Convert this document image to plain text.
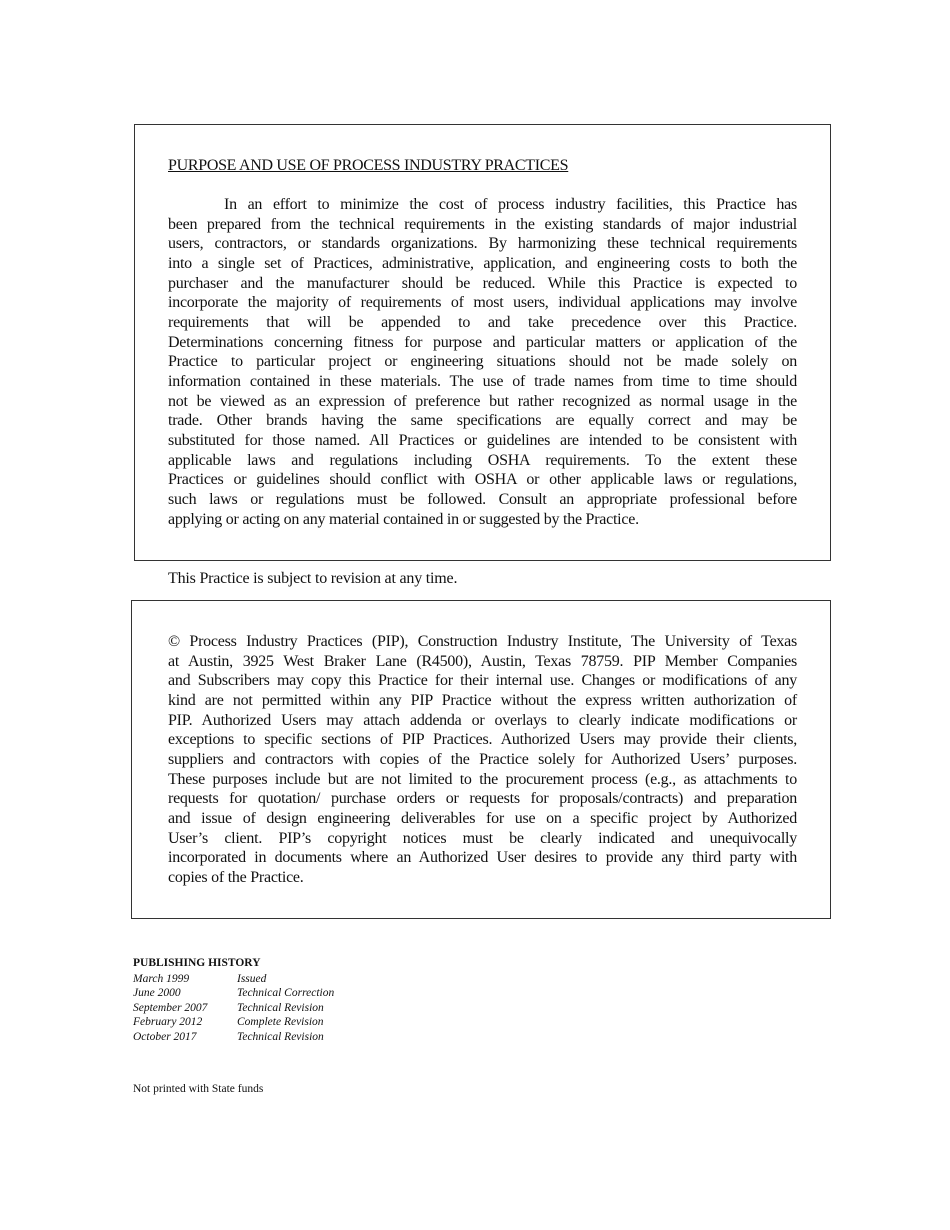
PURPOSE AND USE OF PROCESS INDUSTRY PRACTICES
In an effort to minimize the cost of process industry facilities, this Practice has
been prepared from the technical requirements in the existing standards of major industrial
users, contractors, or standards organizations. By harmonizing these technical requirements
into a single set of Practices, administrative, application, and engineering costs to both the
purchaser and the manufacturer should be reduced. While this Practice is expected to
incorporate the majority of requirements of most users, individual applications may involve
requirements that will be appended to and take precedence over this Practice.
Determinations concerning fitness for purpose and particular matters or application of the
Practice to particular project or engineering situations should not be made solely on
information contained in these materials. The use of trade names from time to time should
not be viewed as an expression of preference but rather recognized as normal usage in the
trade. Other brands having the same specifications are equally correct and may be
substituted for those named. All Practices or guidelines are intended to be consistent with
applicable laws and regulations including OSHA requirements. To the extent these
Practices or guidelines should conflict with OSHA or other applicable laws or regulations,
such laws or regulations must be followed. Consult an appropriate professional before
applying or acting on any material contained in or suggested by the Practice.
This Practice is subject to revision at any time.
© Process Industry Practices (PIP), Construction Industry Institute, The University of Texas
at Austin, 3925 West Braker Lane (R4500), Austin, Texas 78759. PIP Member Companies
and Subscribers may copy this Practice for their internal use. Changes or modifications of any
kind are not permitted within any PIP Practice without the express written authorization of
PIP. Authorized Users may attach addenda or overlays to clearly indicate modifications or
exceptions to specific sections of PIP Practices. Authorized Users may provide their clients,
suppliers and contractors with copies of the Practice solely for Authorized Users’ purposes.
These purposes include but are not limited to the procurement process (e.g., as attachments to
requests for quotation/ purchase orders or requests for proposals/contracts) and preparation
and issue of design engineering deliverables for use on a specific project by Authorized
User’s client. PIP’s copyright notices must be clearly indicated and unequivocally
incorporated in documents where an Authorized User desires to provide any third party with
copies of the Practice.
PUBLISHING HISTORY
March 1999	Issued
June 2000	Technical Correction
September 2007	Technical Revision
February 2012	Complete Revision
October 2017	Technical Revision
Not printed with State funds
